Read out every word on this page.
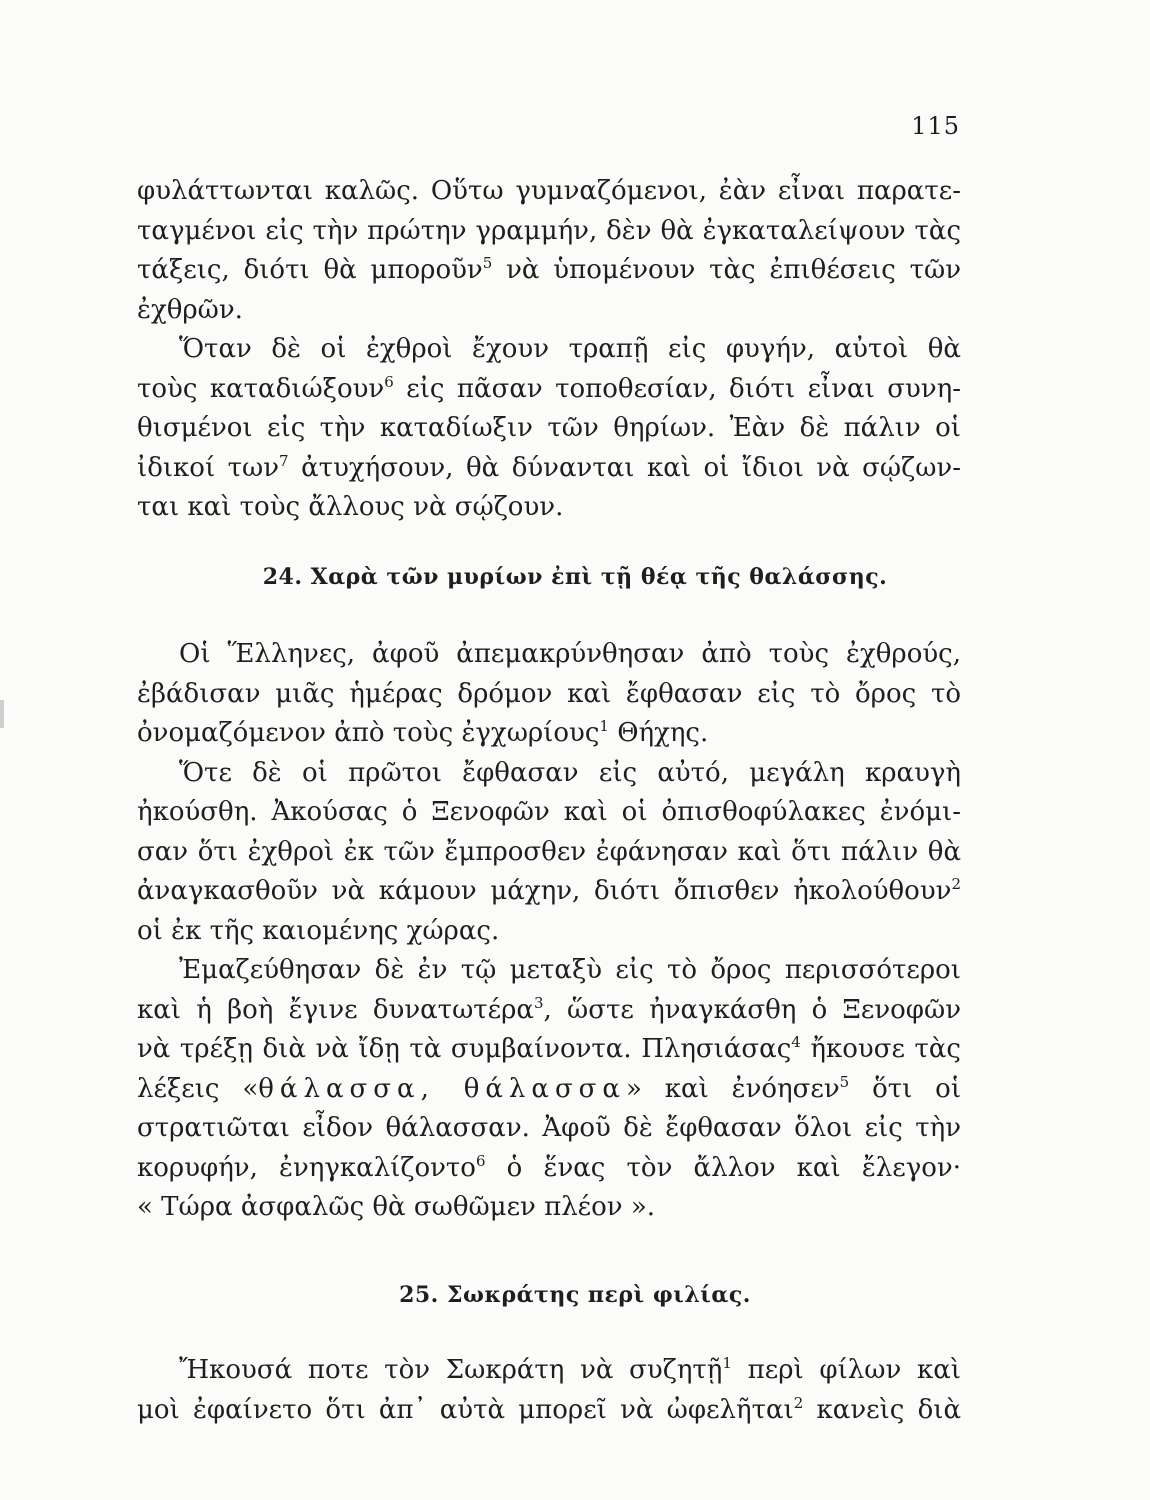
115
φυλάττωνται καλῶς. Οὕτω γυμναζόμενοι, ἐὰν εἶναι παρατε-
ταγμένοι εἰς τὴν πρώτην γραμμήν, δὲν θὰ ἐγκαταλείψουν τὰς
τάξεις, διότι θὰ μποροῦν$^5$ νὰ ὑπομένουν τὰς ἐπιθέσεις τῶν
ἐχθρῶν.
Ὅταν δὲ οἱ ἐχθροὶ ἔχουν τραπῇ εἰς φυγήν, αὐτοὶ θὰ
τοὺς καταδιώξουν$^6$ εἰς πᾶσαν τοποθεσίαν, διότι εἶναι συνη-
θισμένοι εἰς τὴν καταδίωξιν τῶν θηρίων. Ἐὰν δὲ πάλιν οἱ
ἰδικοί των$^7$ ἀτυχήσουν, θὰ δύνανται καὶ οἱ ἴδιοι νὰ σῴζων-
ται καὶ τοὺς ἄλλους νὰ σῴζουν.
24. Χαρὰ τῶν μυρίων ἐπὶ τῇ θέᾳ τῆς θαλάσσης.
Οἱ Ἕλληνες, ἀφοῦ ἀπεμακρύνθησαν ἀπὸ τοὺς ἐχθρούς,
ἐβάδισαν μιᾶς ἡμέρας δρόμον καὶ ἔφθασαν εἰς τὸ ὄρος τὸ
ὀνομαζόμενον ἀπὸ τοὺς ἐγχωρίους$^1$ Θήχης.
Ὅτε δὲ οἱ πρῶτοι ἔφθασαν εἰς αὐτό, μεγάλη κραυγὴ
ἠκούσθη. Ἀκούσας ὁ Ξενοφῶν καὶ οἱ ὀπισθοφύλακες ἐνόμι-
σαν ὅτι ἐχθροὶ ἐκ τῶν ἔμπροσθεν ἐφάνησαν καὶ ὅτι πάλιν θὰ
ἀναγκασθοῦν νὰ κάμουν μάχην, διότι ὄπισθεν ἠκολούθουν$^2$
οἱ ἐκ τῆς καιομένης χώρας.
Ἐμαζεύθησαν δὲ ἐν τῷ μεταξὺ εἰς τὸ ὄρος περισσότεροι
καὶ ἡ βοὴ ἔγινε δυνατωτέρα$^3$, ὥστε ἠναγκάσθη ὁ Ξενοφῶν
νὰ τρέξῃ διὰ νὰ ἴδῃ τὰ συμβαίνοντα. Πλησιάσας$^4$ ἤκουσε τὰς
λέξεις «θάλασσα, θάλασσα» καὶ ἐνόησεν$^5$ ὅτι οἱ
στρατιῶται εἶδον θάλασσαν. Ἀφοῦ δὲ ἔφθασαν ὅλοι εἰς τὴν
κορυφήν, ἐνηγκαλίζοντο$^6$ ὁ ἕνας τὸν ἄλλον καὶ ἔλεγον·
« Τώρα ἀσφαλῶς θὰ σωθῶμεν πλέον ».
25. Σωκράτης περὶ φιλίας.
Ἤκουσά ποτε τὸν Σωκράτη νὰ συζητῇ$^1$ περὶ φίλων καὶ
μοὶ ἐφαίνετο ὅτι ἀπ᾽ αὐτὰ μπορεῖ νὰ ὠφελῆται$^2$ κανεὶς διὰ
